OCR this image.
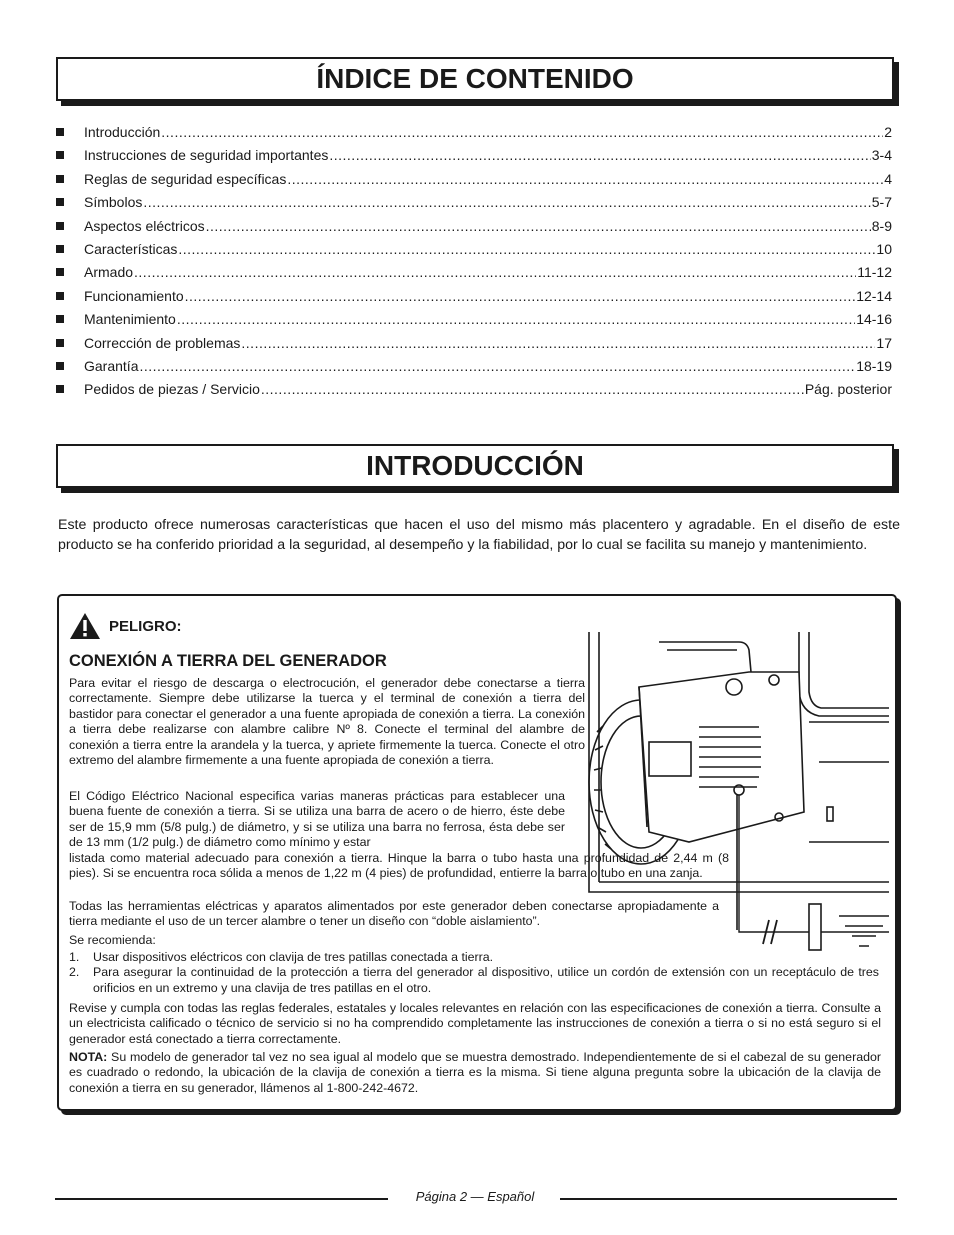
ÍNDICE DE CONTENIDO
Introducción .....	2
Instrucciones de seguridad importantes .....	3-4
Reglas de seguridad específicas .....	4
Símbolos .....	5-7
Aspectos eléctricos .....	8-9
Características .....	10
Armado .....	11-12
Funcionamiento .....	12-14
Mantenimiento .....	14-16
Corrección de problemas .....	17
Garantía .....	18-19
Pedidos de piezas / Servicio .....	Pág. posterior
INTRODUCCIÓN

Este producto ofrece numerosas características que hacen el uso del mismo más placentero y agradable. En el diseño de este producto se ha conferido prioridad a la seguridad, al desempeño y la fiabilidad, por lo cual se facilita su manejo y mantenimiento.

PELIGRO:
CONEXIÓN A TIERRA DEL GENERADOR

Para evitar el riesgo de descarga o electrocución, el generador debe conectarse a tierra correctamente. Siempre debe utilizarse la tuerca y el terminal de conexión a tierra del bastidor para conectar el generador a una fuente apropiada de conexión a tierra. La conexión a tierra debe realizarse con alambre calibre Nº 8. Conecte el terminal del alambre de conexión a tierra entre la arandela y la tuerca, y apriete firmemente la tuerca. Conecte el otro extremo del alambre firmemente a una fuente apropiada de conexión a tierra.

El Código Eléctrico Nacional especifica varias maneras prácticas para establecer una buena fuente de conexión a tierra. Si se utiliza una barra de acero o de hierro, éste debe ser de 15,9 mm (5/8 pulg.) de diámetro, y si se utiliza una barra no ferrosa, ésta debe ser de 13 mm (1/2 pulg.) de diámetro como mínimo y estar

listada como material adecuado para conexión a tierra. Hinque la barra o tubo hasta una profundidad de 2,44 m (8 pies). Si se encuentra roca sólida a menos de 1,22 m (4 pies) de profundidad, entierre la barra o tubo en una zanja.

Todas las herramientas eléctricas y aparatos alimentados por este generador deben conectarse apropiadamente a tierra mediante el uso de un tercer alambre o tener un diseño con “doble aislamiento”.

Se recomienda:

1.	Usar dispositivos eléctricos con clavija de tres patillas conectada a tierra.
2.	Para asegurar la continuidad de la protección a tierra del generador al dispositivo, utilice un cordón de extensión con un receptáculo de tres orificios en un extremo y una clavija de tres patillas en el otro.

Revise y cumpla con todas las reglas federales, estatales y locales relevantes en relación con las especificaciones de conexión a tierra. Consulte a un electricista calificado o técnico de servicio si no ha comprendido completamente las instrucciones de conexión a tierra o si no está seguro si el generador está conectado a tierra correctamente.

NOTA: Su modelo de generador tal vez no sea igual al modelo que se muestra demostrado. Independientemente de si el cabezal de su generador es cuadrado o redondo, la ubicación de la clavija de conexión a tierra es la misma. Si tiene alguna pregunta sobre la ubicación de la clavija de conexión a tierra en su generador, llámenos al 1-800-242-4672.

Página 2 — Español
